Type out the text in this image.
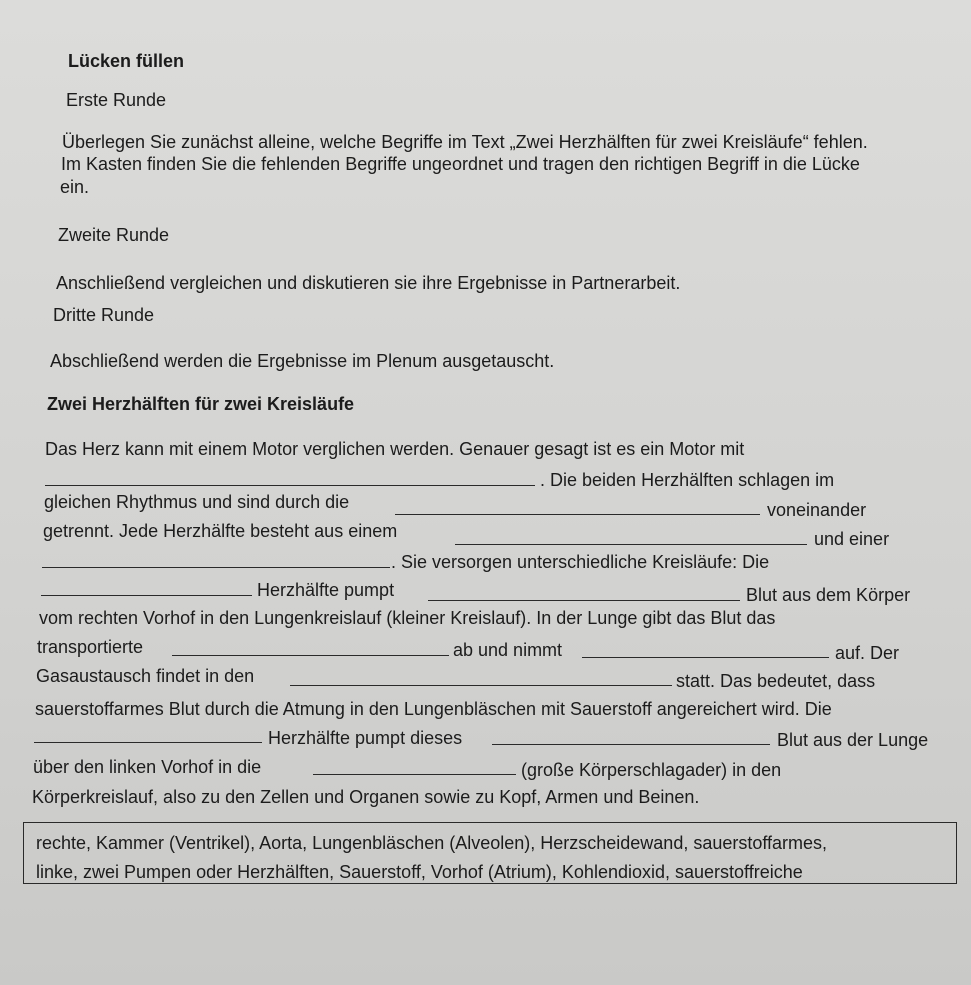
Lücken füllen
Erste Runde
Überlegen Sie zunächst alleine, welche Begriffe im Text „Zwei Herzhälften für zwei Kreisläufe“ fehlen.
Im Kasten finden Sie die fehlenden Begriffe ungeordnet und tragen den richtigen Begriff in die Lücke
ein.
Zweite Runde
Anschließend vergleichen und diskutieren sie ihre Ergebnisse in Partnerarbeit.
Dritte Runde
Abschließend werden die Ergebnisse im Plenum ausgetauscht.
Zwei Herzhälften für zwei Kreisläufe
Das Herz kann mit einem Motor verglichen werden. Genauer gesagt ist es ein Motor mit
. Die beiden Herzhälften schlagen im
gleichen Rhythmus und sind durch die	voneinander
getrennt. Jede Herzhälfte besteht aus einem	und einer
. Sie versorgen unterschiedliche Kreisläufe: Die
Herzhälfte pumpt	Blut aus dem Körper
vom rechten Vorhof in den Lungenkreislauf (kleiner Kreislauf). In der Lunge gibt das Blut das
transportierte	ab und nimmt	auf. Der
Gasaustausch findet in den	statt. Das bedeutet, dass
sauerstoffarmes Blut durch die Atmung in den Lungenbläschen mit Sauerstoff angereichert wird. Die
Herzhälfte pumpt dieses	Blut aus der Lunge
über den linken Vorhof in die	(große Körperschlagader) in den
Körperkreislauf, also zu den Zellen und Organen sowie zu Kopf, Armen und Beinen.
rechte, Kammer (Ventrikel), Aorta, Lungenbläschen (Alveolen), Herzscheidewand, sauerstoffarmes,
linke, zwei Pumpen oder Herzhälften, Sauerstoff, Vorhof (Atrium), Kohlendioxid, sauerstoffreiche
